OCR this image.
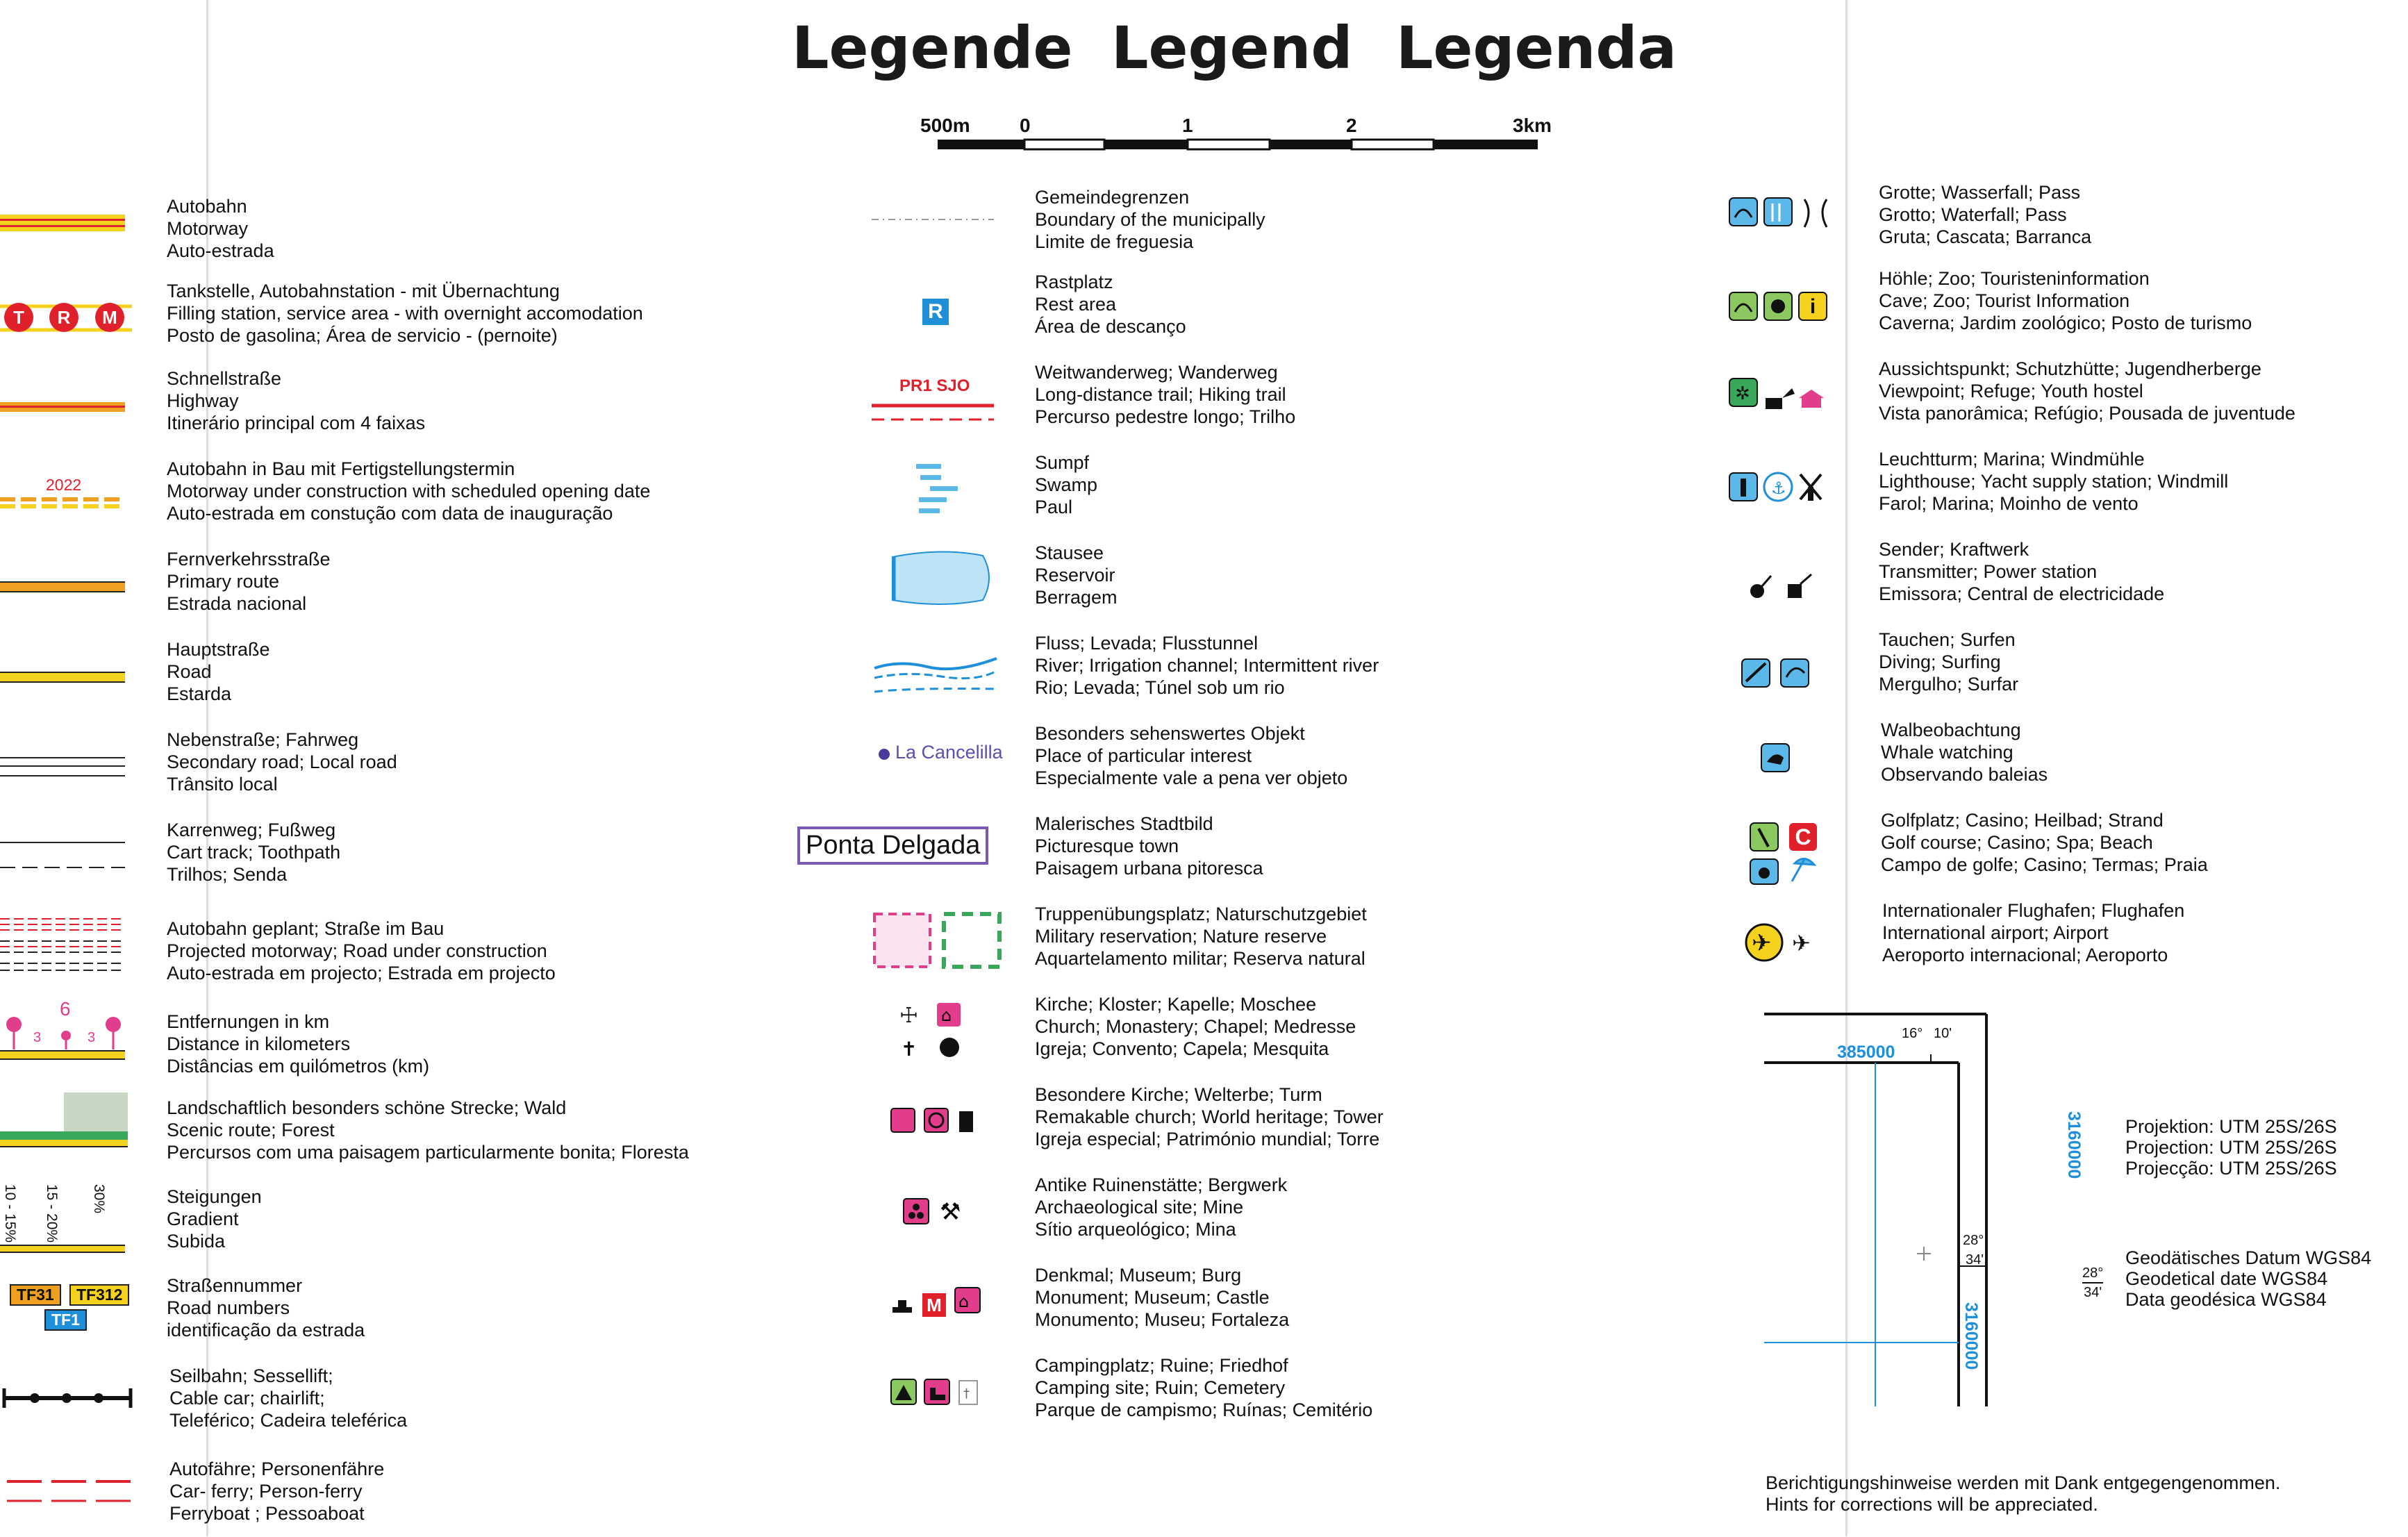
Legende Legend Legenda
500m	0	1	2	3km
Autobahn
Motorway
Auto-estrada
T R M
Tankstelle, Autobahnstation - mit Übernachtung
Filling station, service area - with overnight accomodation
Posto de gasolina; Área de servicio - (pernoite)
Schnellstraße
Highway
Itinerário principal com 4 faixas
2022
Autobahn in Bau mit Fertigstellungstermin
Motorway under construction with scheduled opening date
Auto-estrada em constução com data de inauguração
Fernverkehrsstraße
Primary route
Estrada nacional
Hauptstraße
Road
Estarda
Nebenstraße; Fahrweg
Secondary road; Local road
Trânsito local
Karrenweg; Fußweg
Cart track; Toothpath
Trilhos; Senda
Autobahn geplant; Straße im Bau
Projected motorway; Road under construction
Auto-estrada em projecto; Estrada em projecto
6
3	3
Entfernungen in km
Distance in kilometers
Distâncias em quilómetros (km)
Landschaftlich besonders schöne Strecke; Wald
Scenic route; Forest
Percursos com uma paisagem particularmente bonita; Floresta
10 - 15% 15 - 20% 30%	Steigungen
Gradient
Subida
TF31	TF312
TF1
Straßennummer
Road numbers
identificação da estrada
Seilbahn; Sessellift;
Cable car; chairlift;
Teleférico; Cadeira teleférica
Autofähre; Personenfähre
Car- ferry; Person-ferry
Ferryboat ; Pessoaboat
Gemeindegrenzen
Boundary of the municipally
Limite de freguesia
R
Rastplatz
Rest area
Área de descanço
PR1 SJO
Weitwanderweg; Wanderweg
Long-distance trail; Hiking trail
Percurso pedestre longo; Trilho
Sumpf
Swamp
Paul
Stausee
Reservoir
Berragem
Fluss; Levada; Flusstunnel
River; Irrigation channel; Intermittent river
Rio; Levada; Túnel sob um rio
La Cancelilla
Besonders sehenswertes Objekt
Place of particular interest
Especialmente vale a pena ver objeto
Ponta Delgada
Malerisches Stadtbild
Picturesque town
Paisagem urbana pitoresca
Truppenübungsplatz; Naturschutzgebiet
Military reservation; Nature reserve
Aquartelamento militar; Reserva natural
☩ ⌂
✝
Kirche; Kloster; Kapelle; Moschee
Church; Monastery; Chapel; Medresse
Igreja; Convento; Capela; Mesquita
Besondere Kirche; Welterbe; Turm
Remakable church; World heritage; Tower
Igreja especial; Património mundial; Torre
⚒
Antike Ruinenstätte; Bergwerk
Archaeological site; Mine
Sítio arqueológico; Mina
⌂
M
Denkmal; Museum; Burg
Monument; Museum; Castle
Monumento; Museu; Fortaleza
†
Campingplatz; Ruine; Friedhof
Camping site; Ruin; Cemetery
Parque de campismo; Ruínas; Cemitério
Grotte; Wasserfall; Pass
Grotto; Waterfall; Pass
Gruta; Cascata; Barranca
i
Höhle; Zoo; Touristeninformation
Cave; Zoo; Tourist Information
Caverna; Jardim zoológico; Posto de turismo
✲
Aussichtspunkt; Schutzhütte; Jugendherberge
Viewpoint; Refuge; Youth hostel
Vista panorâmica; Refúgio; Pousada de juventude
⚓
Leuchtturm; Marina; Windmühle
Lighthouse; Yacht supply station; Windmill
Farol; Marina; Moinho de vento
Sender; Kraftwerk
Transmitter; Power station
Emissora; Central de electricidade
Tauchen; Surfen
Diving; Surfing
Mergulho; Surfar
Walbeobachtung
Whale watching
Observando baleias
C
Golfplatz; Casino; Heilbad; Strand
Golf course; Casino; Spa; Beach
Campo de golfe; Casino; Termas; Praia
✈ ✈
Internationaler Flughafen; Flughafen
International airport; Airport
Aeroporto internacional; Aeroporto
16° 10'
385000
28°
34'
3160000
3160000 Projektion: UTM 25S/26S
Projection: UTM 25S/26S
Projecção: UTM 25S/26S
28°
34'
Geodätisches Datum WGS84
Geodetical date WGS84
Data geodésica WGS84
Berichtigungshinweise werden mit Dank entgegengenommen.
Hints for corrections will be appreciated.
